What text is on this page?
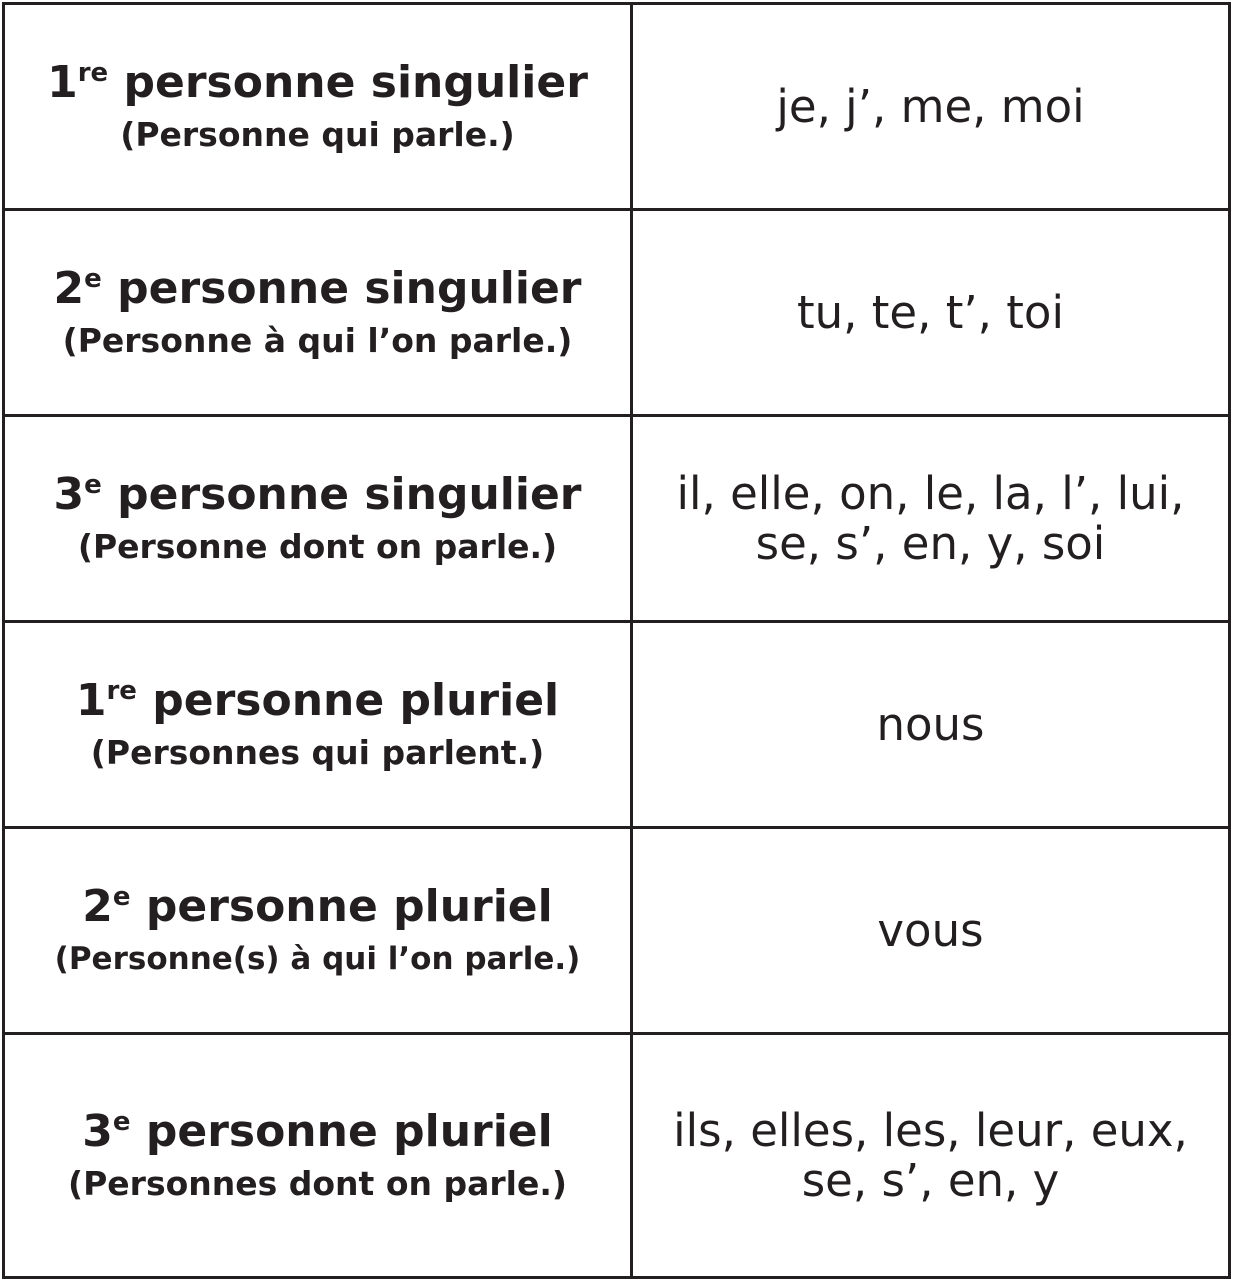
1re personne singulier
(Personne qui parle.)
je, j’, me, moi
2e personne singulier
(Personne à qui l’on parle.)
tu, te, t’, toi
3e personne singulier
(Personne dont on parle.)
il, elle, on, le, la, l’, lui,
se, s’, en, y, soi
1re personne pluriel
(Personnes qui parlent.)
nous
2e personne pluriel
(Personne(s) à qui l’on parle.)
vous
3e personne pluriel
(Personnes dont on parle.)
ils, elles, les, leur, eux,
se, s’, en, y
